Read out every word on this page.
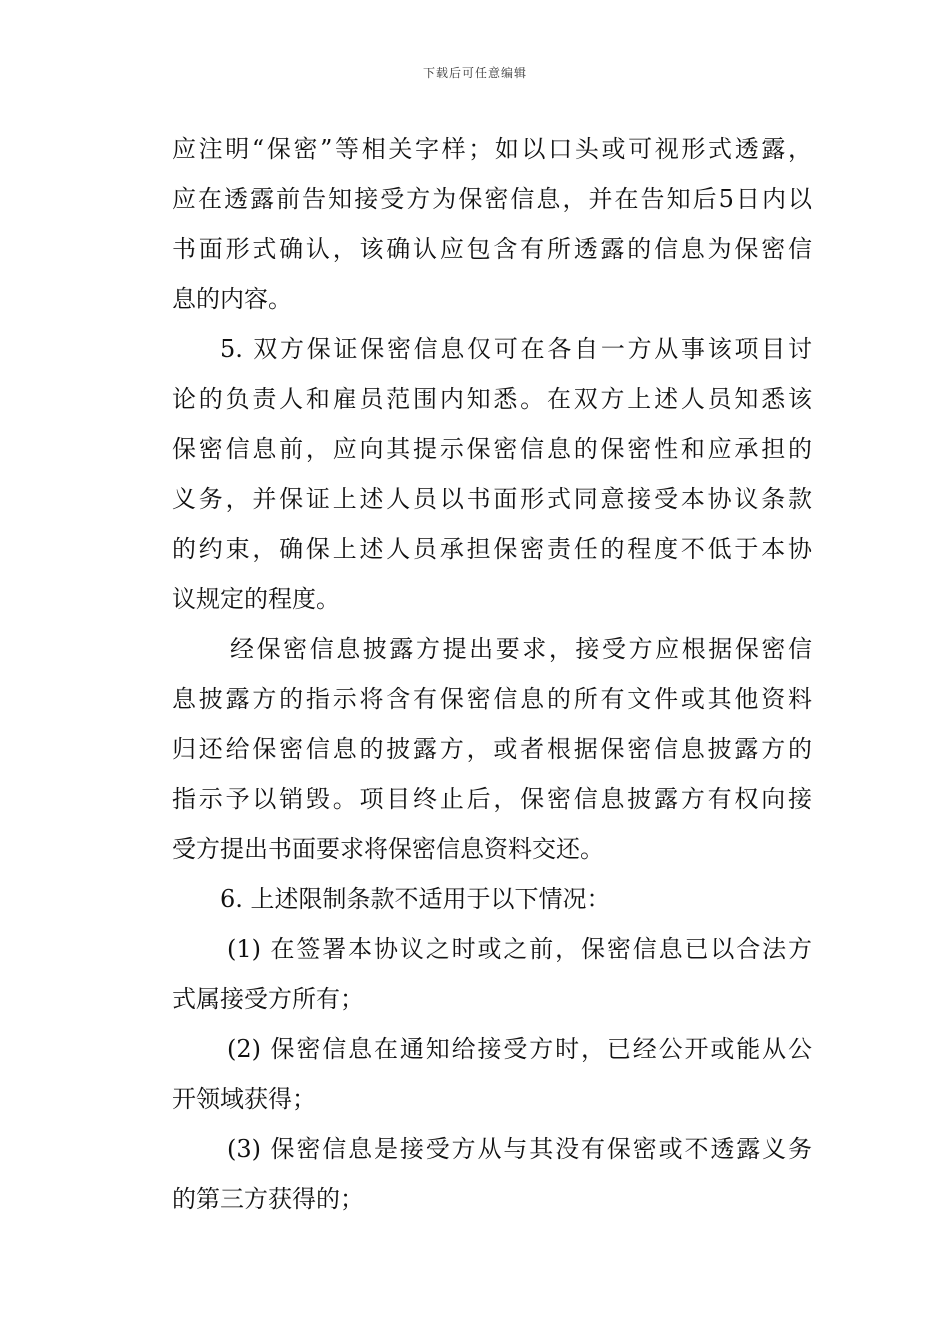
下载后可任意编辑
应注明“保密”等相关字样；如以口头或可视形式透露，
应在透露前告知接受方为保密信息，并在告知后5日内以
书面形式确认，该确认应包含有所透露的信息为保密信
息的内容。
5. 双方保证保密信息仅可在各自一方从事该项目讨
论的负责人和雇员范围内知悉。在双方上述人员知悉该
保密信息前，应向其提示保密信息的保密性和应承担的
义务，并保证上述人员以书面形式同意接受本协议条款
的约束，确保上述人员承担保密责任的程度不低于本协
议规定的程度。
经保密信息披露方提出要求，接受方应根据保密信
息披露方的指示将含有保密信息的所有文件或其他资料
归还给保密信息的披露方，或者根据保密信息披露方的
指示予以销毁。项目终止后，保密信息披露方有权向接
受方提出书面要求将保密信息资料交还。
6. 上述限制条款不适用于以下情况：
(1) 在签署本协议之时或之前，保密信息已以合法方
式属接受方所有；
(2) 保密信息在通知给接受方时，已经公开或能从公
开领域获得；
(3) 保密信息是接受方从与其没有保密或不透露义务
的第三方获得的；
